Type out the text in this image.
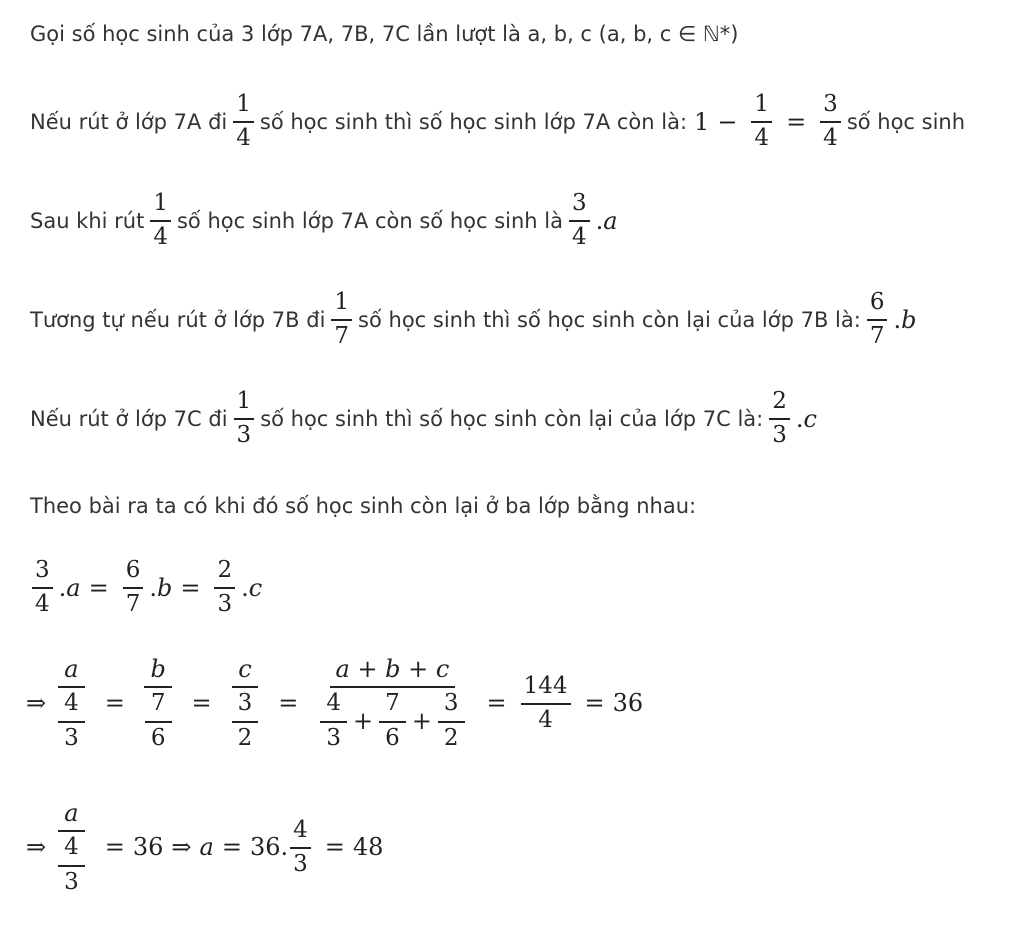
Gọi số học sinh của 3 lớp 7A, 7B, 7C lần lượt là a, b, c (a, b, c ∈ ℕ*)
Nếu rút ở lớp 7A đi $\frac{1}{4}$ số học sinh thì số học sinh lớp 7A còn là: $1 - \frac{1}{4} = \frac{3}{4}$ số học sinh
Sau khi rút $\frac{1}{4}$ số học sinh lớp 7A còn số học sinh là $\frac{3}{4}$ . a
Tương tự nếu rút ở lớp 7B đi $\frac{1}{7}$ số học sinh thì số học sinh còn lại của lớp 7B là: $\frac{6}{7}$ . b
Nếu rút ở lớp 7C đi $\frac{1}{3}$ số học sinh thì số học sinh còn lại của lớp 7C là: $\frac{2}{3}$ . c
Theo bài ra ta có khi đó số học sinh còn lại ở ba lớp bằng nhau:
$\frac{3}{4}$ . $a = \frac{6}{7}$ . $b = \frac{2}{3}$ . c
⇒ $\frac{a}{\frac{4}{3}} = \frac{b}{\frac{7}{6}} = \frac{c}{\frac{3}{2}}$ =
a + b + c
$\frac{4}{3} + \frac{7}{6} + \frac{3}{2} = \frac{144}{4} = 36$
⇒ $\frac{a}{\frac{4}{3}} = 36$ ⇒ a = 36. $\frac{4}{3} = 48$
